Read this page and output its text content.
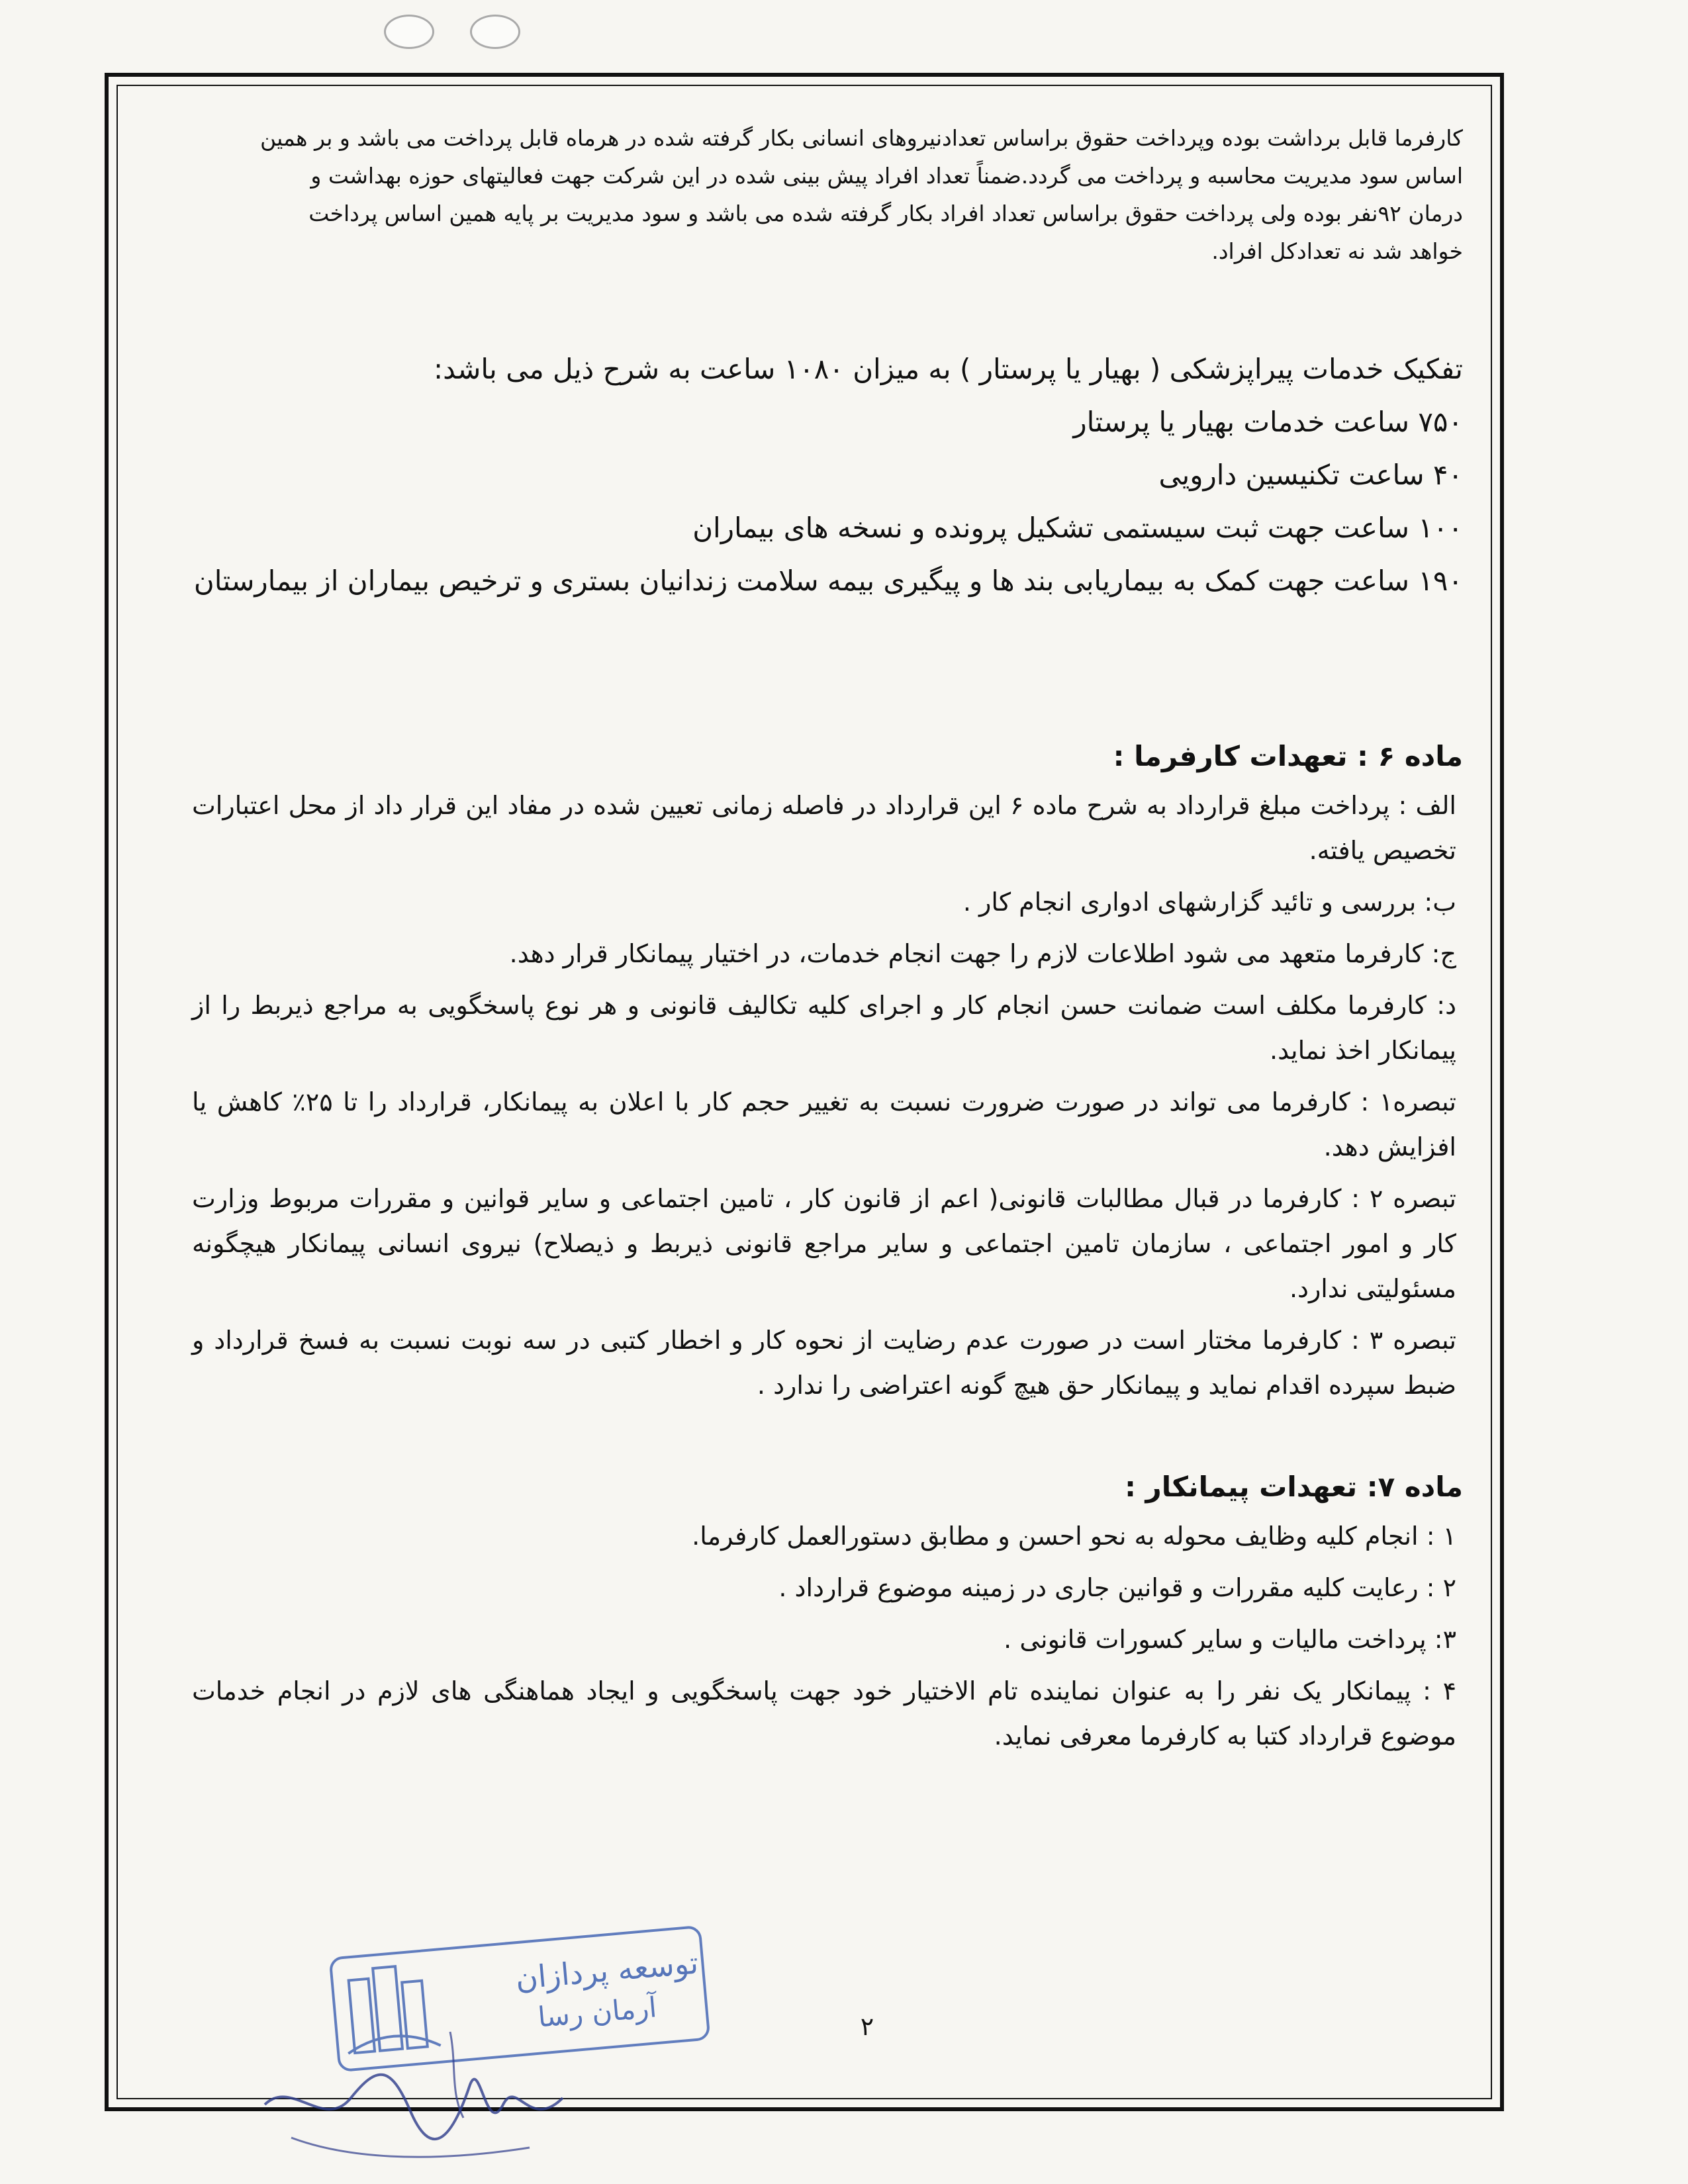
کارفرما قابل برداشت بوده وپرداخت حقوق براساس تعدادنیروهای انسانی بکار گرفته شده در هرماه قابل پرداخت می باشد و بر همین

اساس سود مدیریت محاسبه و پرداخت می گردد.ضمناً تعداد افراد پیش بینی شده در این شرکت جهت فعالیتهای حوزه بهداشت و

درمان ۹۲نفر بوده ولی پرداخت حقوق براساس تعداد افراد بکار گرفته شده می باشد و سود مدیریت بر پایه همین اساس پرداخت

خواهد شد نه تعدادکل افراد.

تفکیک خدمات پیراپزشکی ( بهیار یا پرستار ) به میزان ۱۰۸۰ ساعت به شرح ذیل می باشد:

۷۵۰ ساعت خدمات بهیار یا پرستار

۴۰ ساعت تکنیسین دارویی

۱۰۰ ساعت جهت ثبت سیستمی تشکیل پرونده و نسخه های بیماران

۱۹۰ ساعت جهت کمک به بیماریابی بند ها و پیگیری بیمه سلامت زندانیان بستری و ترخیص بیماران از بیمارستان

ماده ۶ : تعهدات کارفرما :

الف : پرداخت مبلغ قرارداد به شرح ماده ۶ این قرارداد در فاصله زمانی تعیین شده در مفاد این قرار داد از محل اعتبارات تخصیص یافته.

ب: بررسی و تائید گزارشهای ادواری انجام کار .

ج: کارفرما متعهد می شود اطلاعات لازم را جهت انجام خدمات، در اختیار پیمانکار قرار دهد.

د: کارفرما مکلف است ضمانت حسن انجام کار و اجرای کلیه تکالیف قانونی و هر نوع پاسخگویی به مراجع ذیربط را از پیمانکار اخذ نماید.

تبصره۱ : کارفرما می تواند در صورت ضرورت نسبت به تغییر حجم کار با اعلان به پیمانکار، قرارداد را تا ۲۵٪ کاهش یا افزایش دهد.

تبصره ۲ : کارفرما در قبال مطالبات قانونی( اعم از قانون کار ، تامین اجتماعی و سایر قوانین و مقررات مربوط وزارت کار و امور اجتماعی ، سازمان تامین اجتماعی و سایر مراجع قانونی ذیربط و ذیصلاح) نیروی انسانی پیمانکار هیچگونه مسئولیتی ندارد.

تبصره ۳ : کارفرما مختار است در صورت عدم رضایت از نحوه کار و اخطار کتبی در سه نوبت نسبت به فسخ قرارداد و ضبط سپرده اقدام نماید و پیمانکار حق هیچ گونه اعتراضی را ندارد .

ماده ۷: تعهدات پیمانکار :

۱ : انجام کلیه وظایف محوله به نحو احسن و مطابق دستورالعمل کارفرما.

۲ : رعایت کلیه مقررات و قوانین جاری در زمینه موضوع قرارداد .

۳: پرداخت مالیات و سایر کسورات قانونی .

۴ : پیمانکار یک نفر را به عنوان نماینده تام الاختیار خود جهت پاسخگویی و ایجاد هماهنگی های لازم در انجام خدمات موضوع قرارداد کتبا به کارفرما معرفی نماید.

توسعه پردازان
آرمان رسا	۲
